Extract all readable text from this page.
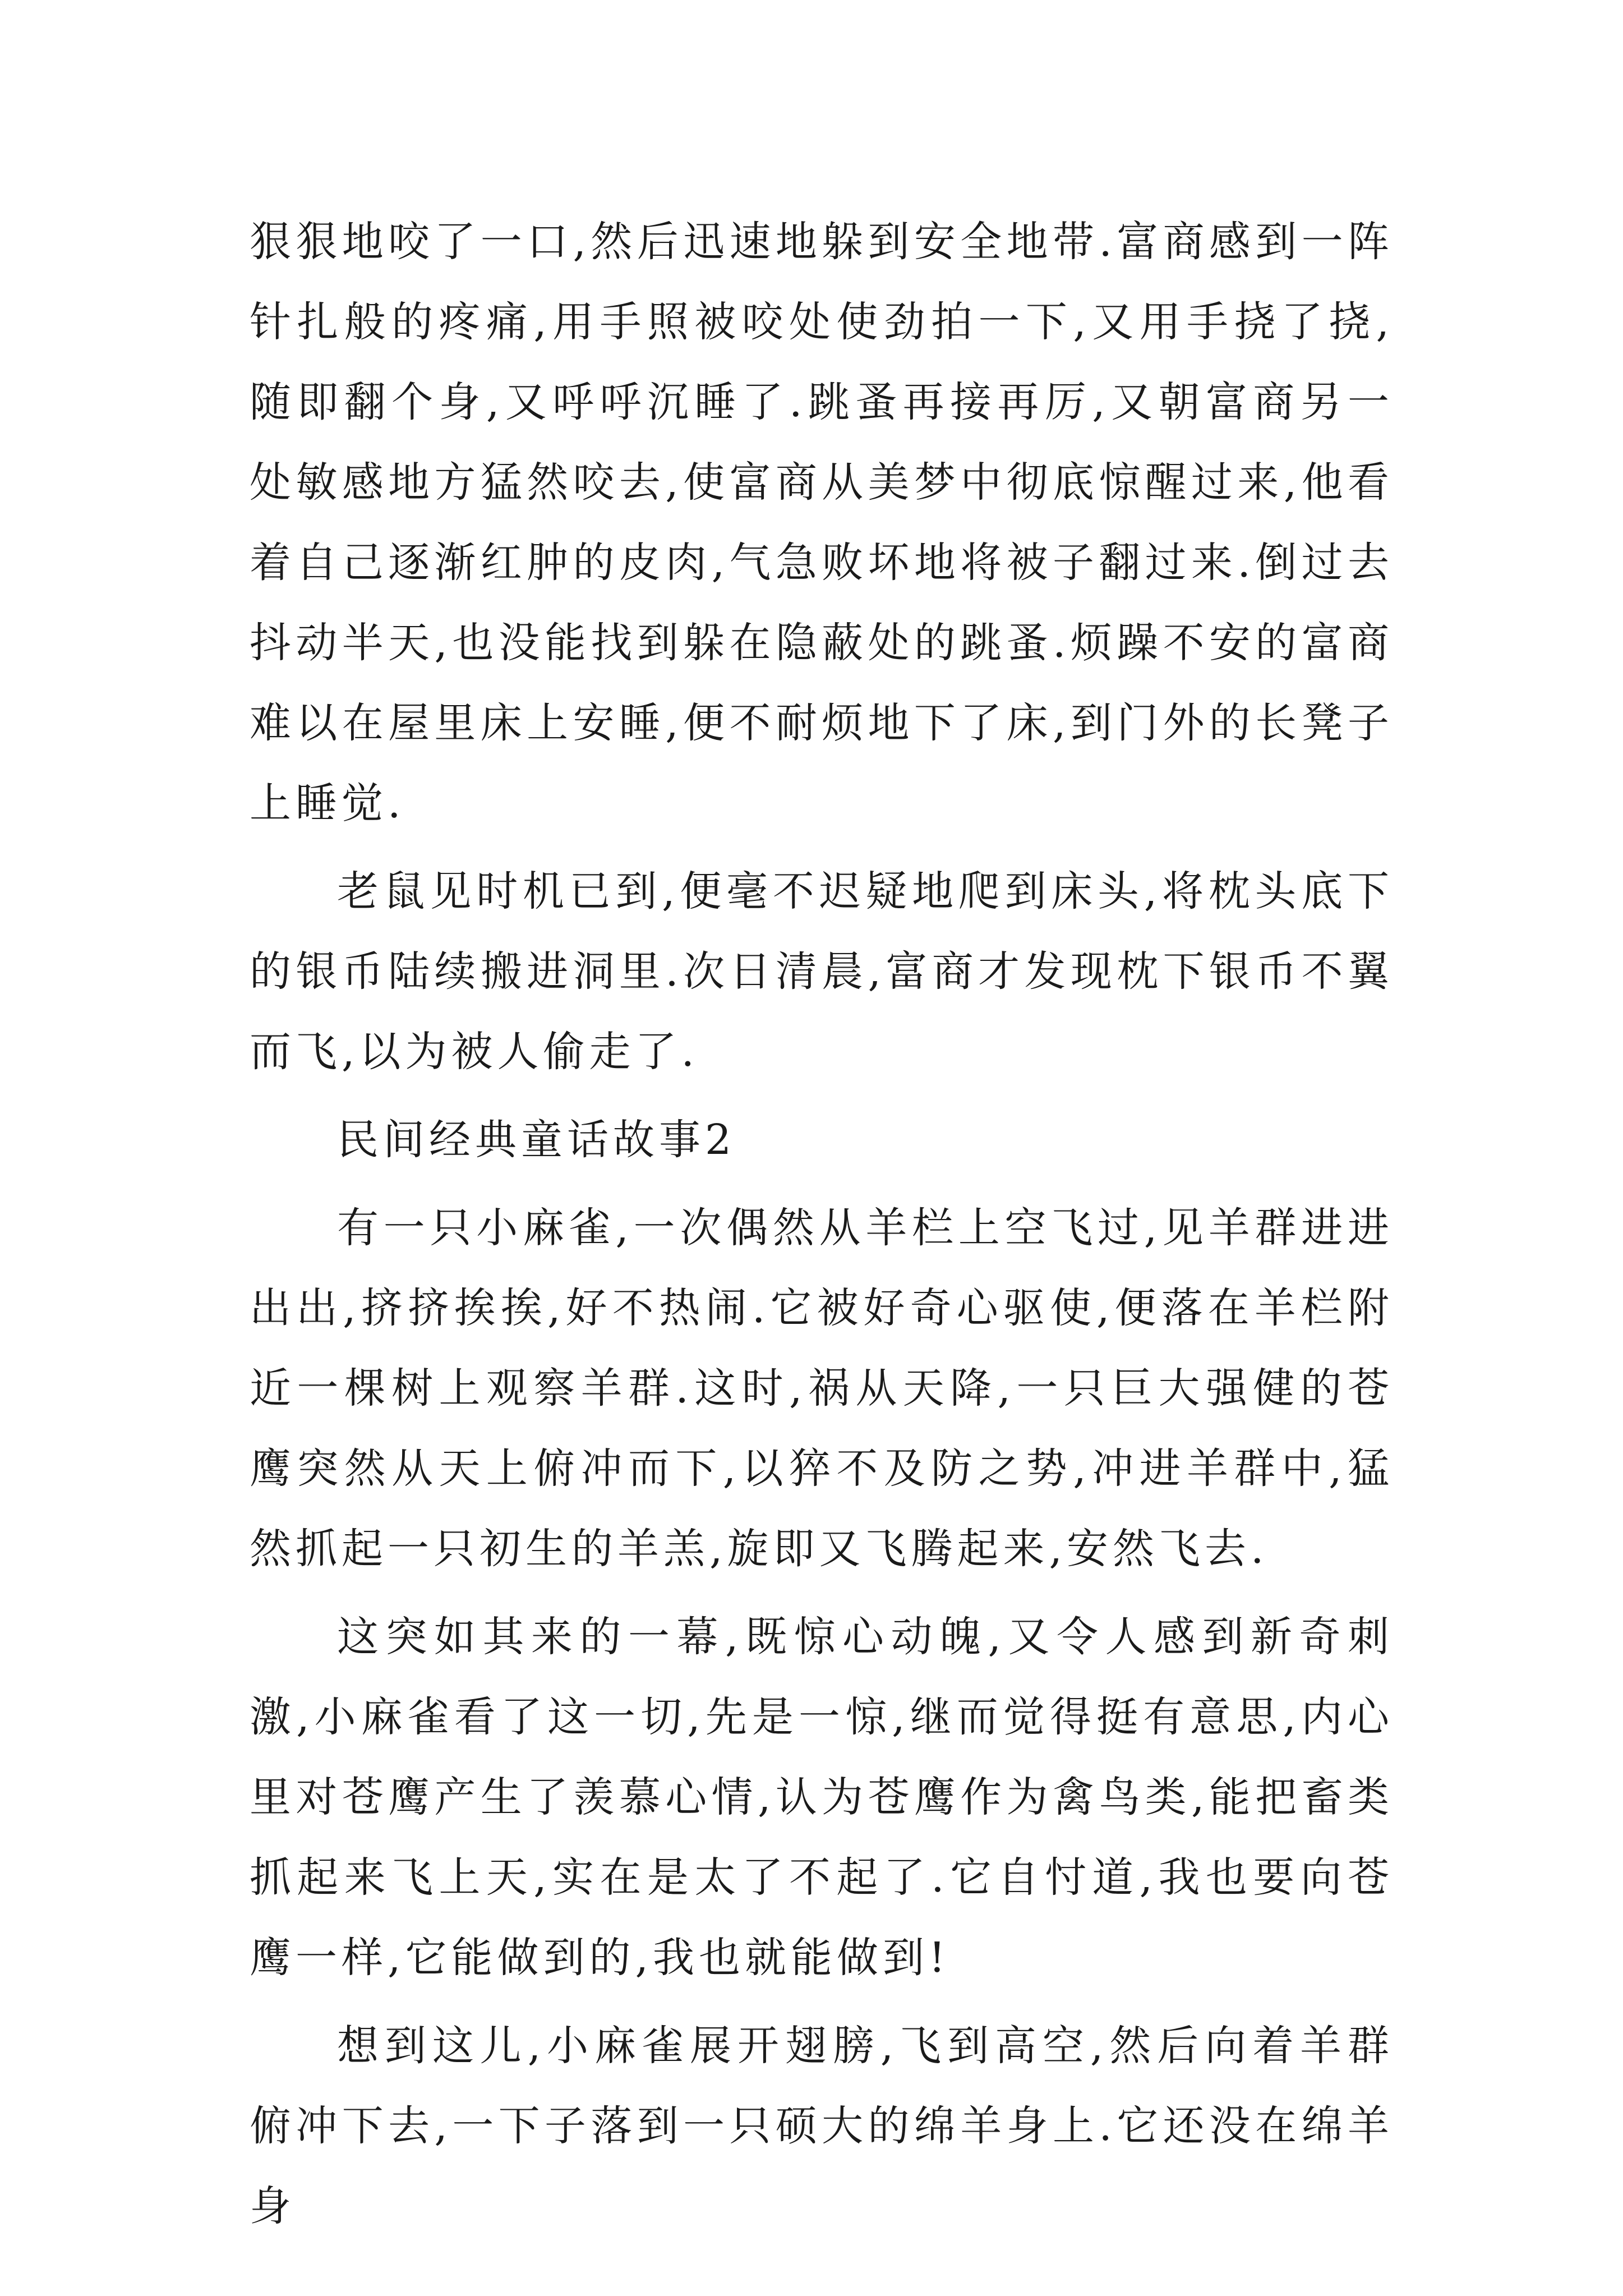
狠狠地咬了一口,然后迅速地躲到安全地带.富商感到一阵针扎般的疼痛,用手照被咬处使劲拍一下,又用手挠了挠,随即翻个身,又呼呼沉睡了.跳蚤再接再厉,又朝富商另一处敏感地方猛然咬去,使富商从美梦中彻底惊醒过来,他看着自己逐渐红肿的皮肉,气急败坏地将被子翻过来.倒过去抖动半天,也没能找到躲在隐蔽处的跳蚤.烦躁不安的富商难以在屋里床上安睡,便不耐烦地下了床,到门外的长凳子上睡觉.

老鼠见时机已到,便毫不迟疑地爬到床头,将枕头底下的银币陆续搬进洞里.次日清晨,富商才发现枕下银币不翼而飞,以为被人偷走了.

民间经典童话故事2

有一只小麻雀,一次偶然从羊栏上空飞过,见羊群进进出出,挤挤挨挨,好不热闹.它被好奇心驱使,便落在羊栏附近一棵树上观察羊群.这时,祸从天降,一只巨大强健的苍鹰突然从天上俯冲而下,以猝不及防之势,冲进羊群中,猛然抓起一只初生的羊羔,旋即又飞腾起来,安然飞去.

这突如其来的一幕,既惊心动魄,又令人感到新奇刺激,小麻雀看了这一切,先是一惊,继而觉得挺有意思,内心里对苍鹰产生了羡慕心情,认为苍鹰作为禽鸟类,能把畜类抓起来飞上天,实在是太了不起了.它自忖道,我也要向苍鹰一样,它能做到的,我也就能做到!

想到这儿,小麻雀展开翅膀,飞到高空,然后向着羊群俯冲下去,一下子落到一只硕大的绵羊身上.它还没在绵羊身
